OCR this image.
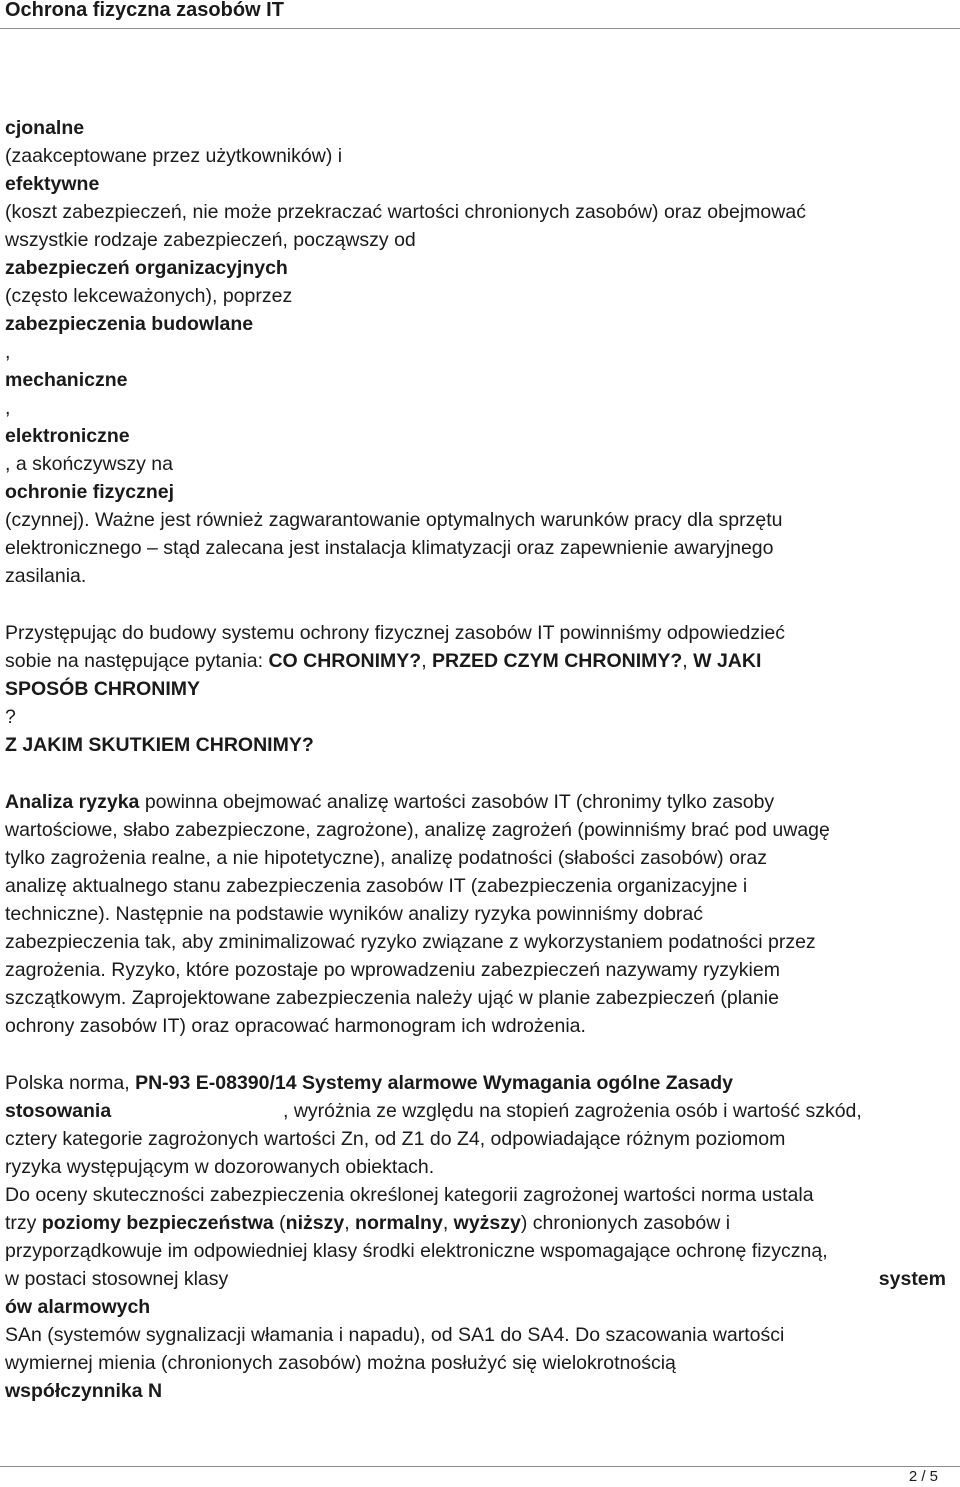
Ochrona fizyczna zasobów IT

cjonalne
(zaakceptowane przez użytkowników) i
efektywne
(koszt zabezpieczeń, nie może przekraczać wartości chronionych zasobów) oraz obejmować
wszystkie rodzaje zabezpieczeń, począwszy od
zabezpieczeń organizacyjnych
(często lekceważonych), poprzez
zabezpieczenia budowlane
,
mechaniczne
,
elektroniczne
, a skończywszy na
ochronie fizycznej
(czynnej). Ważne jest również zagwarantowanie optymalnych warunków pracy dla sprzętu
elektronicznego – stąd zalecana jest instalacja klimatyzacji oraz zapewnienie awaryjnego
zasilania.

Przystępując do budowy systemu ochrony fizycznej zasobów IT powinniśmy odpowiedzieć
sobie na następujące pytania: CO CHRONIMY?, PRZED CZYM CHRONIMY?, W JAKI
SPOSÓB CHRONIMY
?
Z JAKIM SKUTKIEM CHRONIMY?

Analiza ryzyka powinna obejmować analizę wartości zasobów IT (chronimy tylko zasoby
wartościowe, słabo zabezpieczone, zagrożone), analizę zagrożeń (powinniśmy brać pod uwagę
tylko zagrożenia realne, a nie hipotetyczne), analizę podatności (słabości zasobów) oraz
analizę aktualnego stanu zabezpieczenia zasobów IT (zabezpieczenia organizacyjne i
techniczne). Następnie na podstawie wyników analizy ryzyka powinniśmy dobrać
zabezpieczenia tak, aby zminimalizować ryzyko związane z wykorzystaniem podatności przez
zagrożenia. Ryzyko, które pozostaje po wprowadzeniu zabezpieczeń nazywamy ryzykiem
szczątkowym. Zaprojektowane zabezpieczenia należy ująć w planie zabezpieczeń (planie
ochrony zasobów IT) oraz opracować harmonogram ich wdrożenia.

Polska norma, PN-93 E-08390/14 Systemy alarmowe Wymagania ogólne Zasady
stosowania	, wyróżnia ze względu na stopień zagrożenia osób i wartość szkód,
cztery kategorie zagrożonych wartości Zn, od Z1 do Z4, odpowiadające różnym poziomom
ryzyka występującym w dozorowanych obiektach.
Do oceny skuteczności zabezpieczenia określonej kategorii zagrożonej wartości norma ustala
trzy poziomy bezpieczeństwa (niższy, normalny, wyższy) chronionych zasobów i
przyporządkowuje im odpowiedniej klasy środki elektroniczne wspomagające ochronę fizyczną,
w postaci stosownej klasy	system
ów alarmowych
SAn (systemów sygnalizacji włamania i napadu), od SA1 do SA4. Do szacowania wartości
wymiernej mienia (chronionych zasobów) można posłużyć się wielokrotnością
współczynnika N

2 / 5
